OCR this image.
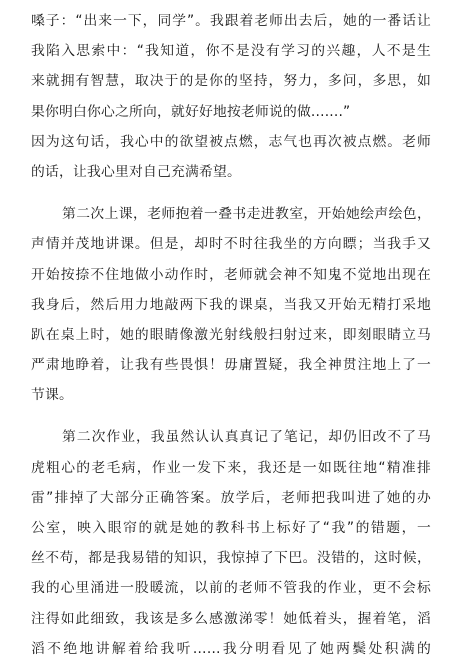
嗓子：“出来一下，同学”。我跟着老师出去后，她的一番话让
我陷入思索中：“我知道，你不是没有学习的兴趣，人不是生
来就拥有智慧，取决于的是你的坚持，努力，多问，多思，如
果你明白你心之所向，就好好地按老师说的做.......”
因为这句话，我心中的欲望被点燃，志气也再次被点燃。老师
的话，让我心里对自己充满希望。
第二次上课，老师抱着一叠书走进教室，开始她绘声绘色，
声情并茂地讲课。但是，却时不时往我坐的方向瞟；当我手又
开始按捺不住地做小动作时，老师就会神不知鬼不觉地出现在
我身后，然后用力地敲两下我的课桌，当我又开始无精打采地
趴在桌上时，她的眼睛像激光射线般扫射过来，即刻眼睛立马
严肃地睁着，让我有些畏惧！毋庸置疑，我全神贯注地上了一
节课。
第二次作业，我虽然认认真真记了笔记，却仍旧改不了马
虎粗心的老毛病，作业一发下来，我还是一如既往地“精准排
雷”排掉了大部分正确答案。放学后，老师把我叫进了她的办
公室，映入眼帘的就是她的教科书上标好了“我”的错题，一
丝不苟，都是我易错的知识，我惊掉了下巴。没错的，这时候，
我的心里涌进一股暖流，以前的老师不管我的作业，更不会标
注得如此细致，我该是多么感激涕零！她低着头，握着笔，滔
滔不绝地讲解着给我听……我分明看见了她两鬓处积满的
